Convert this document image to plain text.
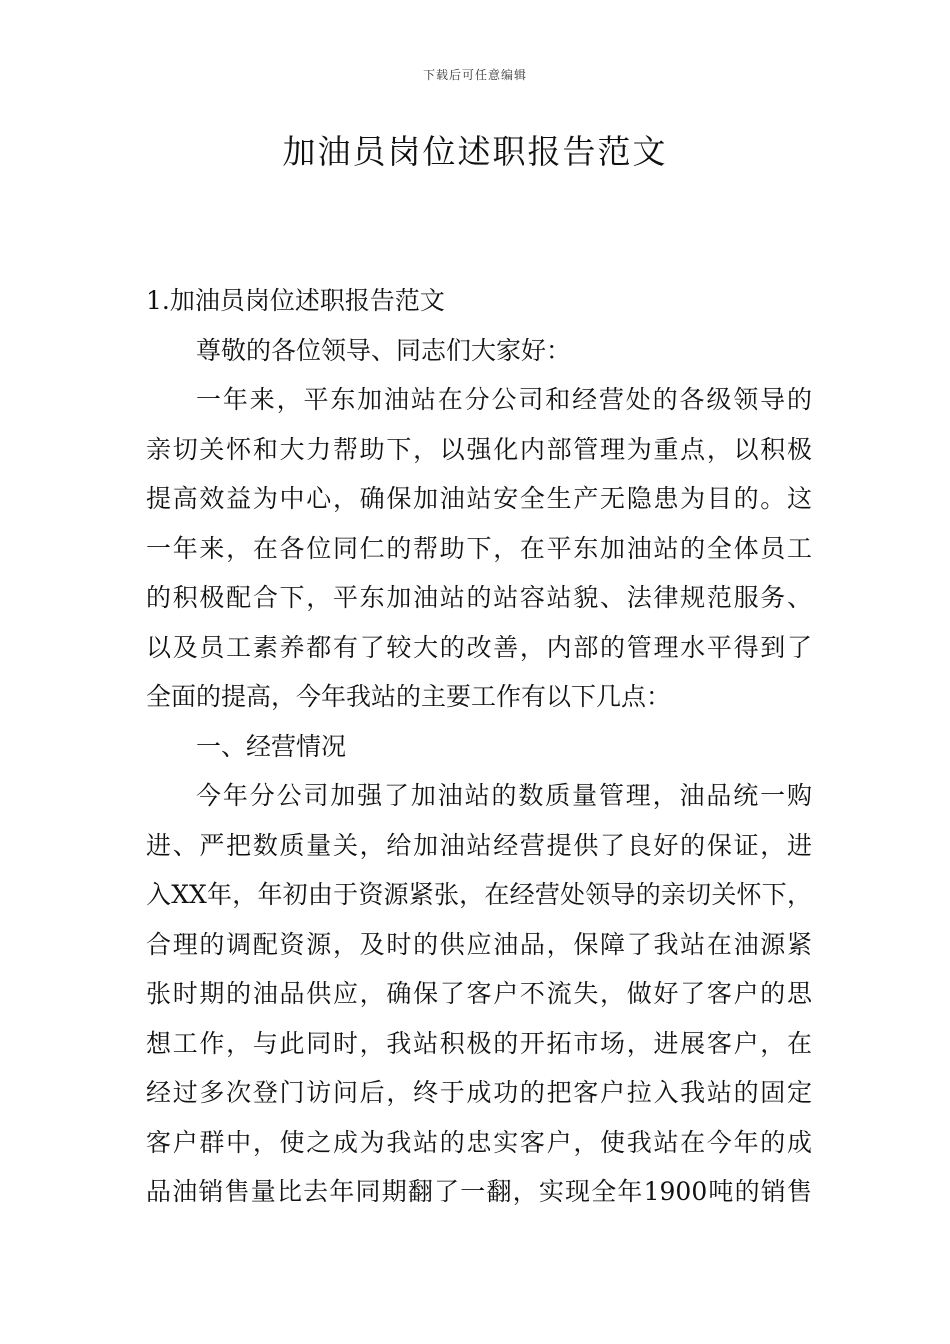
下载后可任意编辑
加油员岗位述职报告范文
1.加油员岗位述职报告范文
尊敬的各位领导、同志们大家好：
一年来，平东加油站在分公司和经营处的各级领导的
亲切关怀和大力帮助下，以强化内部管理为重点，以积极
提高效益为中心，确保加油站安全生产无隐患为目的。这
一年来，在各位同仁的帮助下，在平东加油站的全体员工
的积极配合下，平东加油站的站容站貌、法律规范服务、
以及员工素养都有了较大的改善，内部的管理水平得到了
全面的提高，今年我站的主要工作有以下几点：
一、经营情况
今年分公司加强了加油站的数质量管理，油品统一购
进、严把数质量关，给加油站经营提供了良好的保证，进
入XX年，年初由于资源紧张，在经营处领导的亲切关怀下，
合理的调配资源，及时的供应油品，保障了我站在油源紧
张时期的油品供应，确保了客户不流失，做好了客户的思
想工作，与此同时，我站积极的开拓市场，进展客户，在
经过多次登门访问后，终于成功的把客户拉入我站的固定
客户群中，使之成为我站的忠实客户，使我站在今年的成
品油销售量比去年同期翻了一翻，实现全年1900吨的销售
